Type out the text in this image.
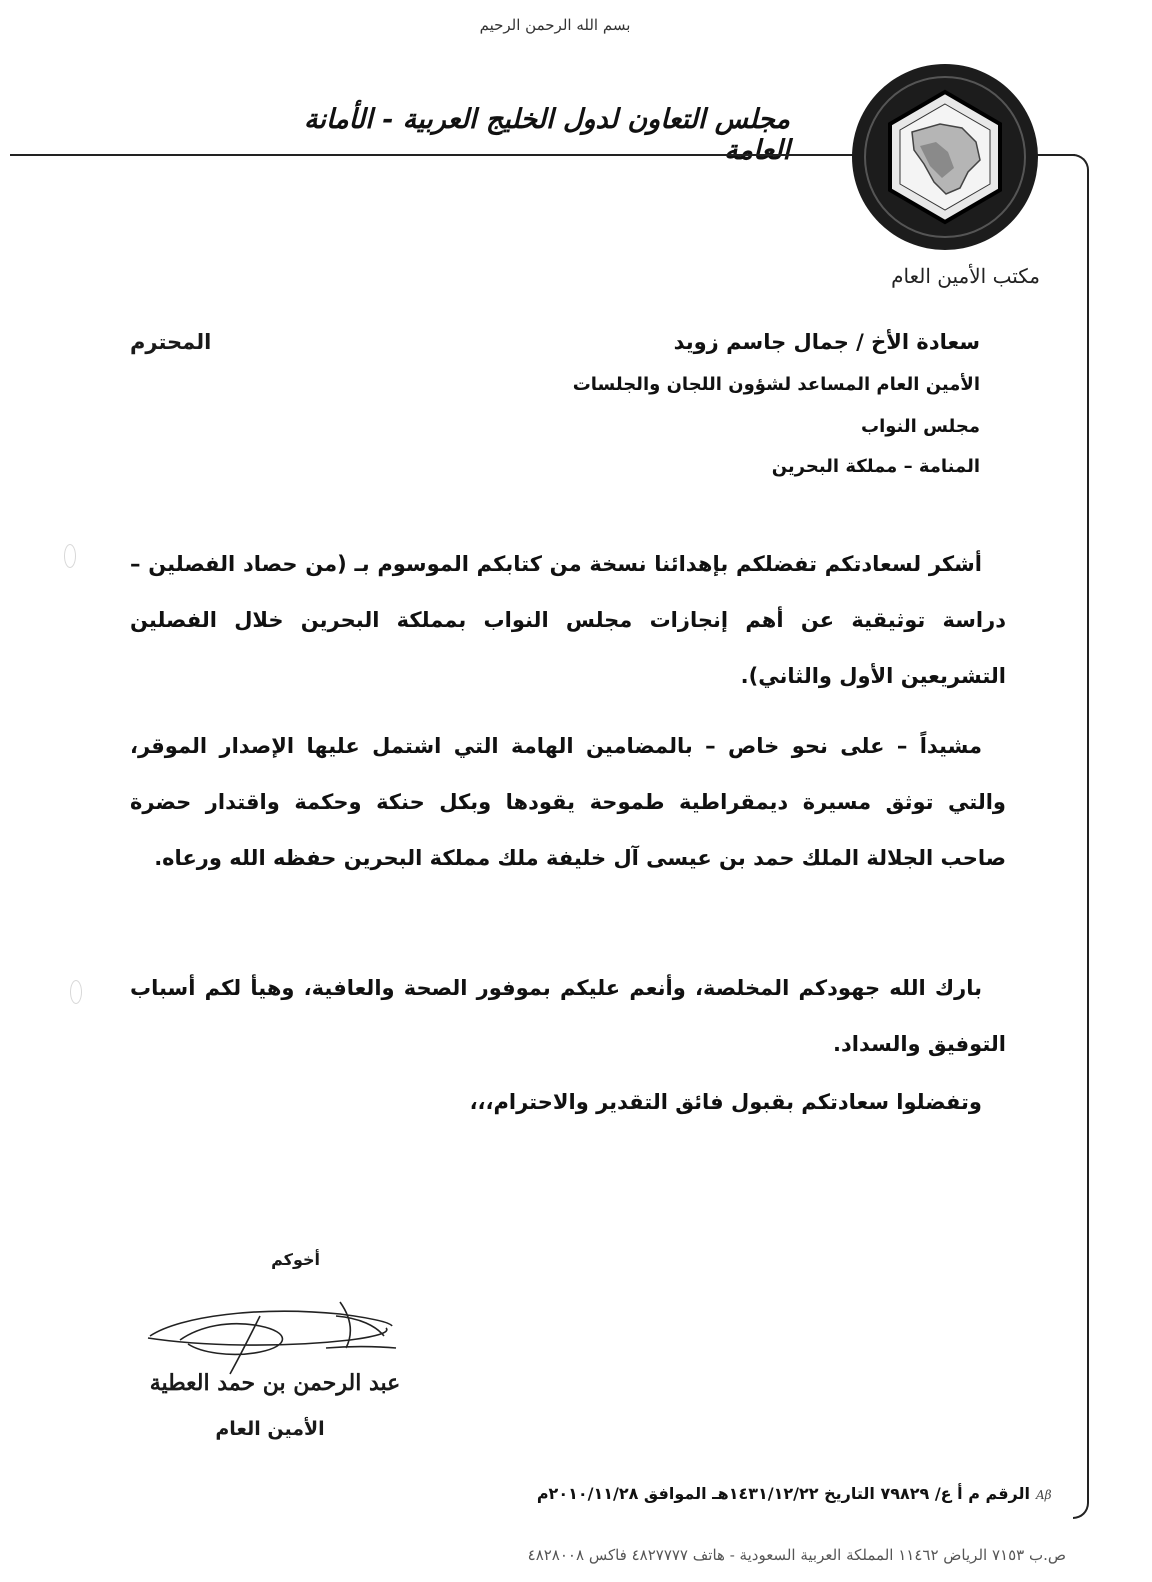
بسم الله الرحمن الرحيم
مجلس التعاون لدول الخليج العربية - الأمانة العامة
مكتب الأمين العام
سعادة الأخ / جمال جاسم زويد
المحترم
الأمين العام المساعد لشؤون اللجان والجلسات
مجلس النواب
المنامة – مملكة البحرين
أشكر لسعادتكم تفضلكم بإهدائنا نسخة من كتابكم الموسوم بـ (من حصاد الفصلين – دراسة توثيقية عن أهم إنجازات مجلس النواب بمملكة البحرين خلال الفصلين التشريعين الأول والثاني).
مشيداً – على نحو خاص – بالمضامين الهامة التي اشتمل عليها الإصدار الموقر، والتي توثق مسيرة ديمقراطية طموحة يقودها وبكل حنكة وحكمة واقتدار حضرة صاحب الجلالة الملك حمد بن عيسى آل خليفة ملك مملكة البحرين حفظه الله ورعاه.
بارك الله جهودكم المخلصة، وأنعم عليكم بموفور الصحة والعافية، وهيأ لكم أسباب التوفيق والسداد.
وتفضلوا سعادتكم بقبول فائق التقدير والاحترام،،،
أخوكم
عبد الرحمن بن حمد العطية
الأمين العام
الرقم م أ ع/ ٧٩٨٢٩ التاريخ ١٤٣١/١٢/٢٢هـ الموافق ٢٠١٠/١١/٢٨م Aβ
ص.ب ٧١٥٣ الرياض ١١٤٦٢ المملكة العربية السعودية - هاتف ٤٨٢٧٧٧٧ فاكس ٤٨٢٨٠٠٨
